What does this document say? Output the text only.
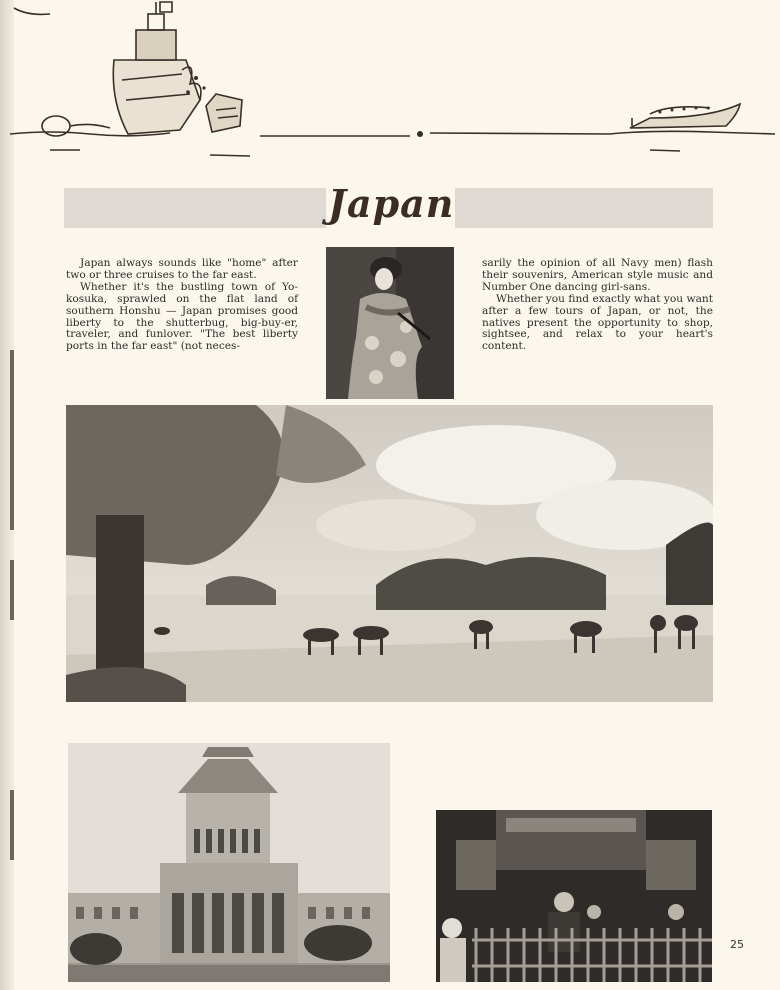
Japan

Japan always sounds like "home" after two or three cruises to the far east.

Whether it's the bustling town of Yo-kosuka, sprawled on the flat land of southern Honshu — Japan promises good liberty to the shutterbug, big-buy-er, traveler, and funlover. "The best liberty ports in the far east" (not neces-

sarily the opinion of all Navy men) flash their souvenirs, American style music and Number One dancing girl-sans.

Whether you find exactly what you want after a few tours of Japan, or not, the natives present the opportunity to shop, sightsee, and relax to your heart's content.

25
